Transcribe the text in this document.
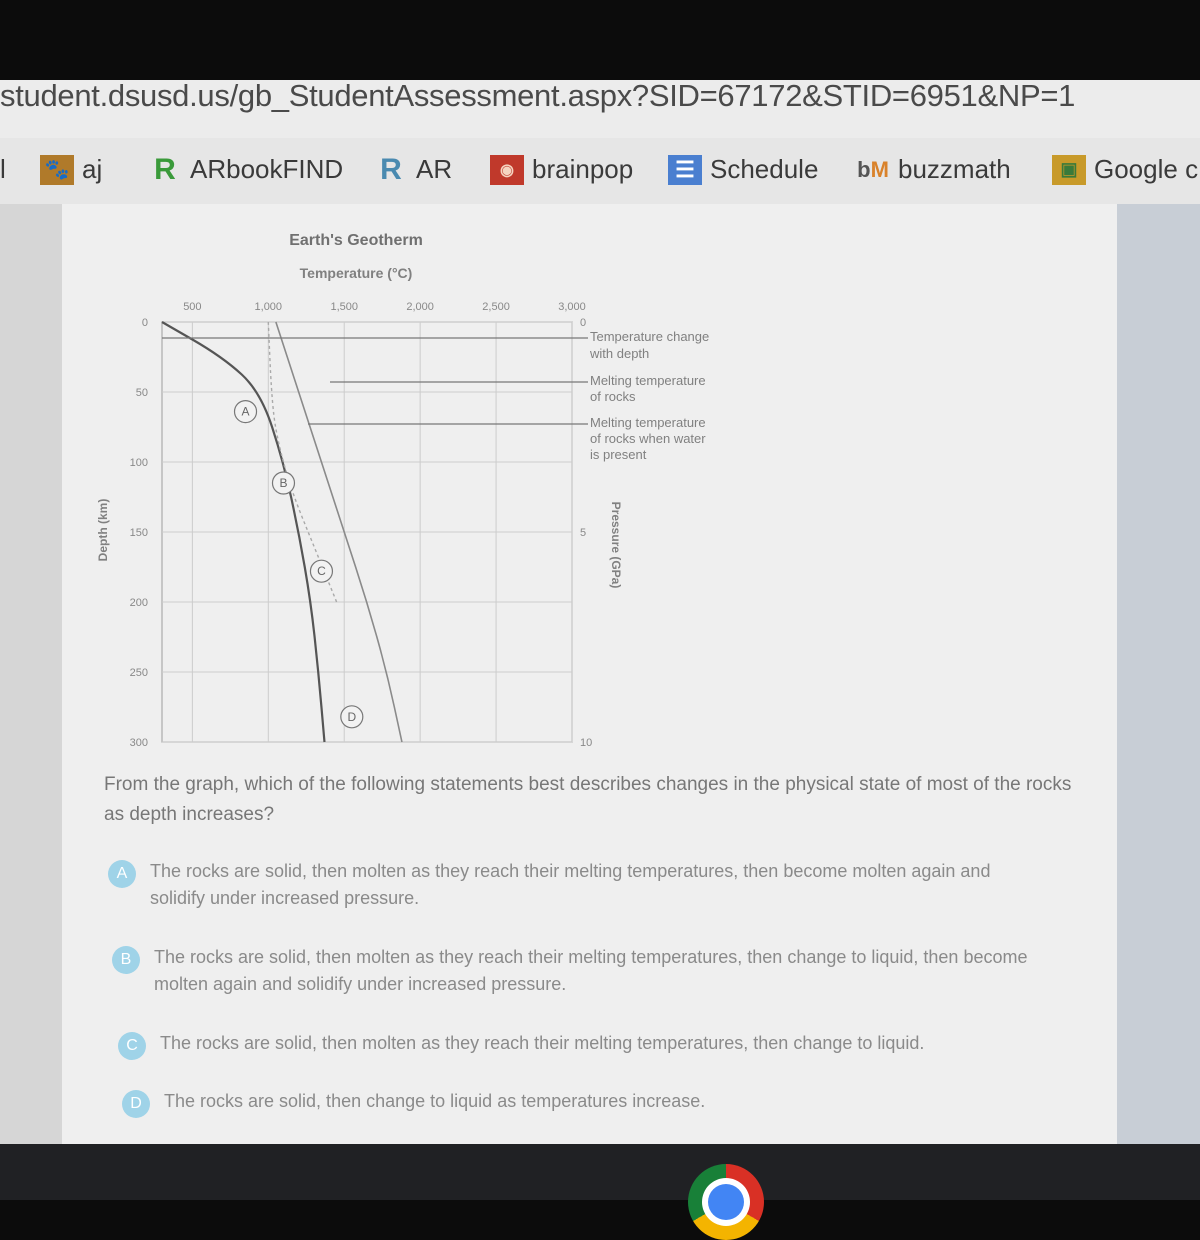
student.dsusd.us/gb_StudentAssessment.aspx?SID=67172&STID=6951&NP=1
l 🐾 aj R ARbookFIND R AR	◉ brainpop	☰ Schedule b M buzzmath	▣ Google c
Earth's Geotherm
Temperature (°C)
Depth (km)	Pressure (GPa)
500	1,000	1,500	2,000	2,500	3,000
0
50
100
150
200
250
300
0
5
10
A
B
C
D
Temperature change
with depth
Melting temperature
of rocks
Melting temperature
of rocks when water
is present
From the graph, which of the following statements best describes changes in the physical state of most of the rocks as depth increases?
A	The rocks are solid, then molten as they reach their melting temperatures, then become molten again and solidify under increased pressure.
B	The rocks are solid, then molten as they reach their melting temperatures, then change to liquid, then become molten again and solidify under increased pressure.
C	The rocks are solid, then molten as they reach their melting temperatures, then change to liquid.
D	The rocks are solid, then change to liquid as temperatures increase.
